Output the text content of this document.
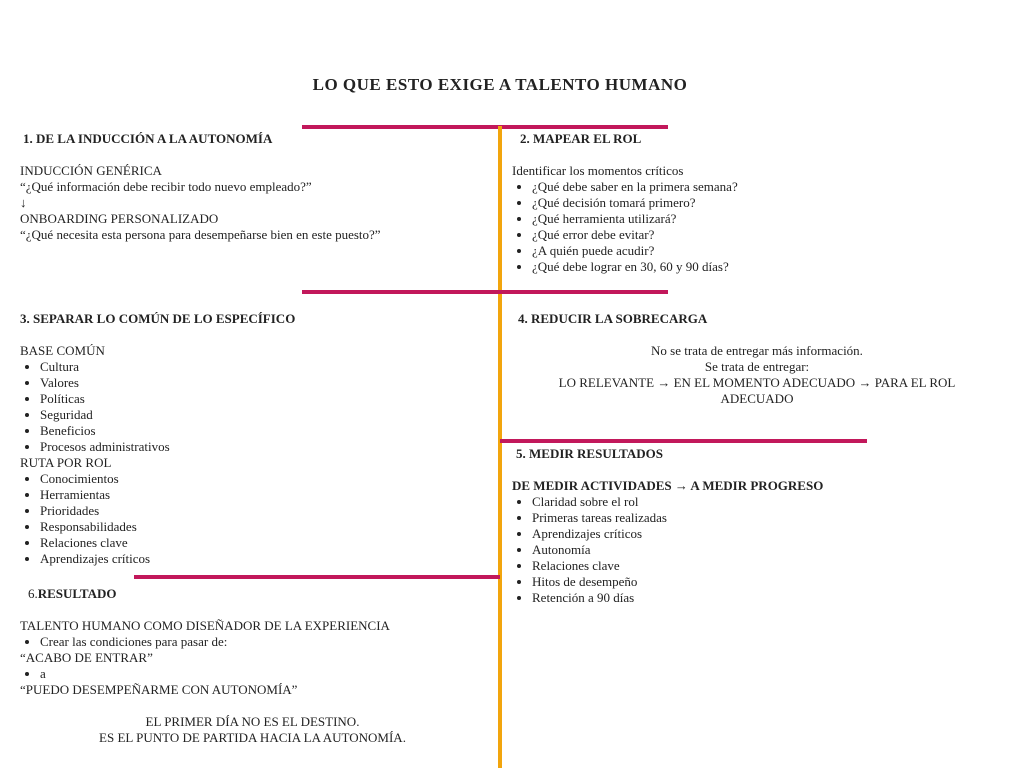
LO QUE ESTO EXIGE A TALENTO HUMANO
1. DE LA INDUCCIÓN A LA AUTONOMÍA
INDUCCIÓN GENÉRICA
“¿Qué información debe recibir todo nuevo empleado?”
↓
ONBOARDING PERSONALIZADO
“¿Qué necesita esta persona para desempeñarse bien en este puesto?”
2. MAPEAR EL ROL
Identificar los momentos críticos
• ¿Qué debe saber en la primera semana?
• ¿Qué decisión tomará primero?
• ¿Qué herramienta utilizará?
• ¿Qué error debe evitar?
• ¿A quién puede acudir?
• ¿Qué debe lograr en 30, 60 y 90 días?
3. SEPARAR LO COMÚN DE LO ESPECÍFICO
BASE COMÚN
• Cultura
• Valores
• Políticas
• Seguridad
• Beneficios
• Procesos administrativos
RUTA POR ROL
• Conocimientos
• Herramientas
• Prioridades
• Responsabilidades
• Relaciones clave
• Aprendizajes críticos
4. REDUCIR LA SOBRECARGA
No se trata de entregar más información.
Se trata de entregar:
LO RELEVANTE → EN EL MOMENTO ADECUADO → PARA EL ROL
ADECUADO
5. MEDIR RESULTADOS
DE MEDIR ACTIVIDADES → A MEDIR PROGRESO
• Claridad sobre el rol
• Primeras tareas realizadas
• Aprendizajes críticos
• Autonomía
• Relaciones clave
• Hitos de desempeño
• Retención a 90 días
6.RESULTADO
TALENTO HUMANO COMO DISEÑADOR DE LA EXPERIENCIA
• Crear las condiciones para pasar de:
“ACABO DE ENTRAR”
• a
“PUEDO DESEMPEÑARME CON AUTONOMÍA”
EL PRIMER DÍA NO ES EL DESTINO.
ES EL PUNTO DE PARTIDA HACIA LA AUTONOMÍA.
